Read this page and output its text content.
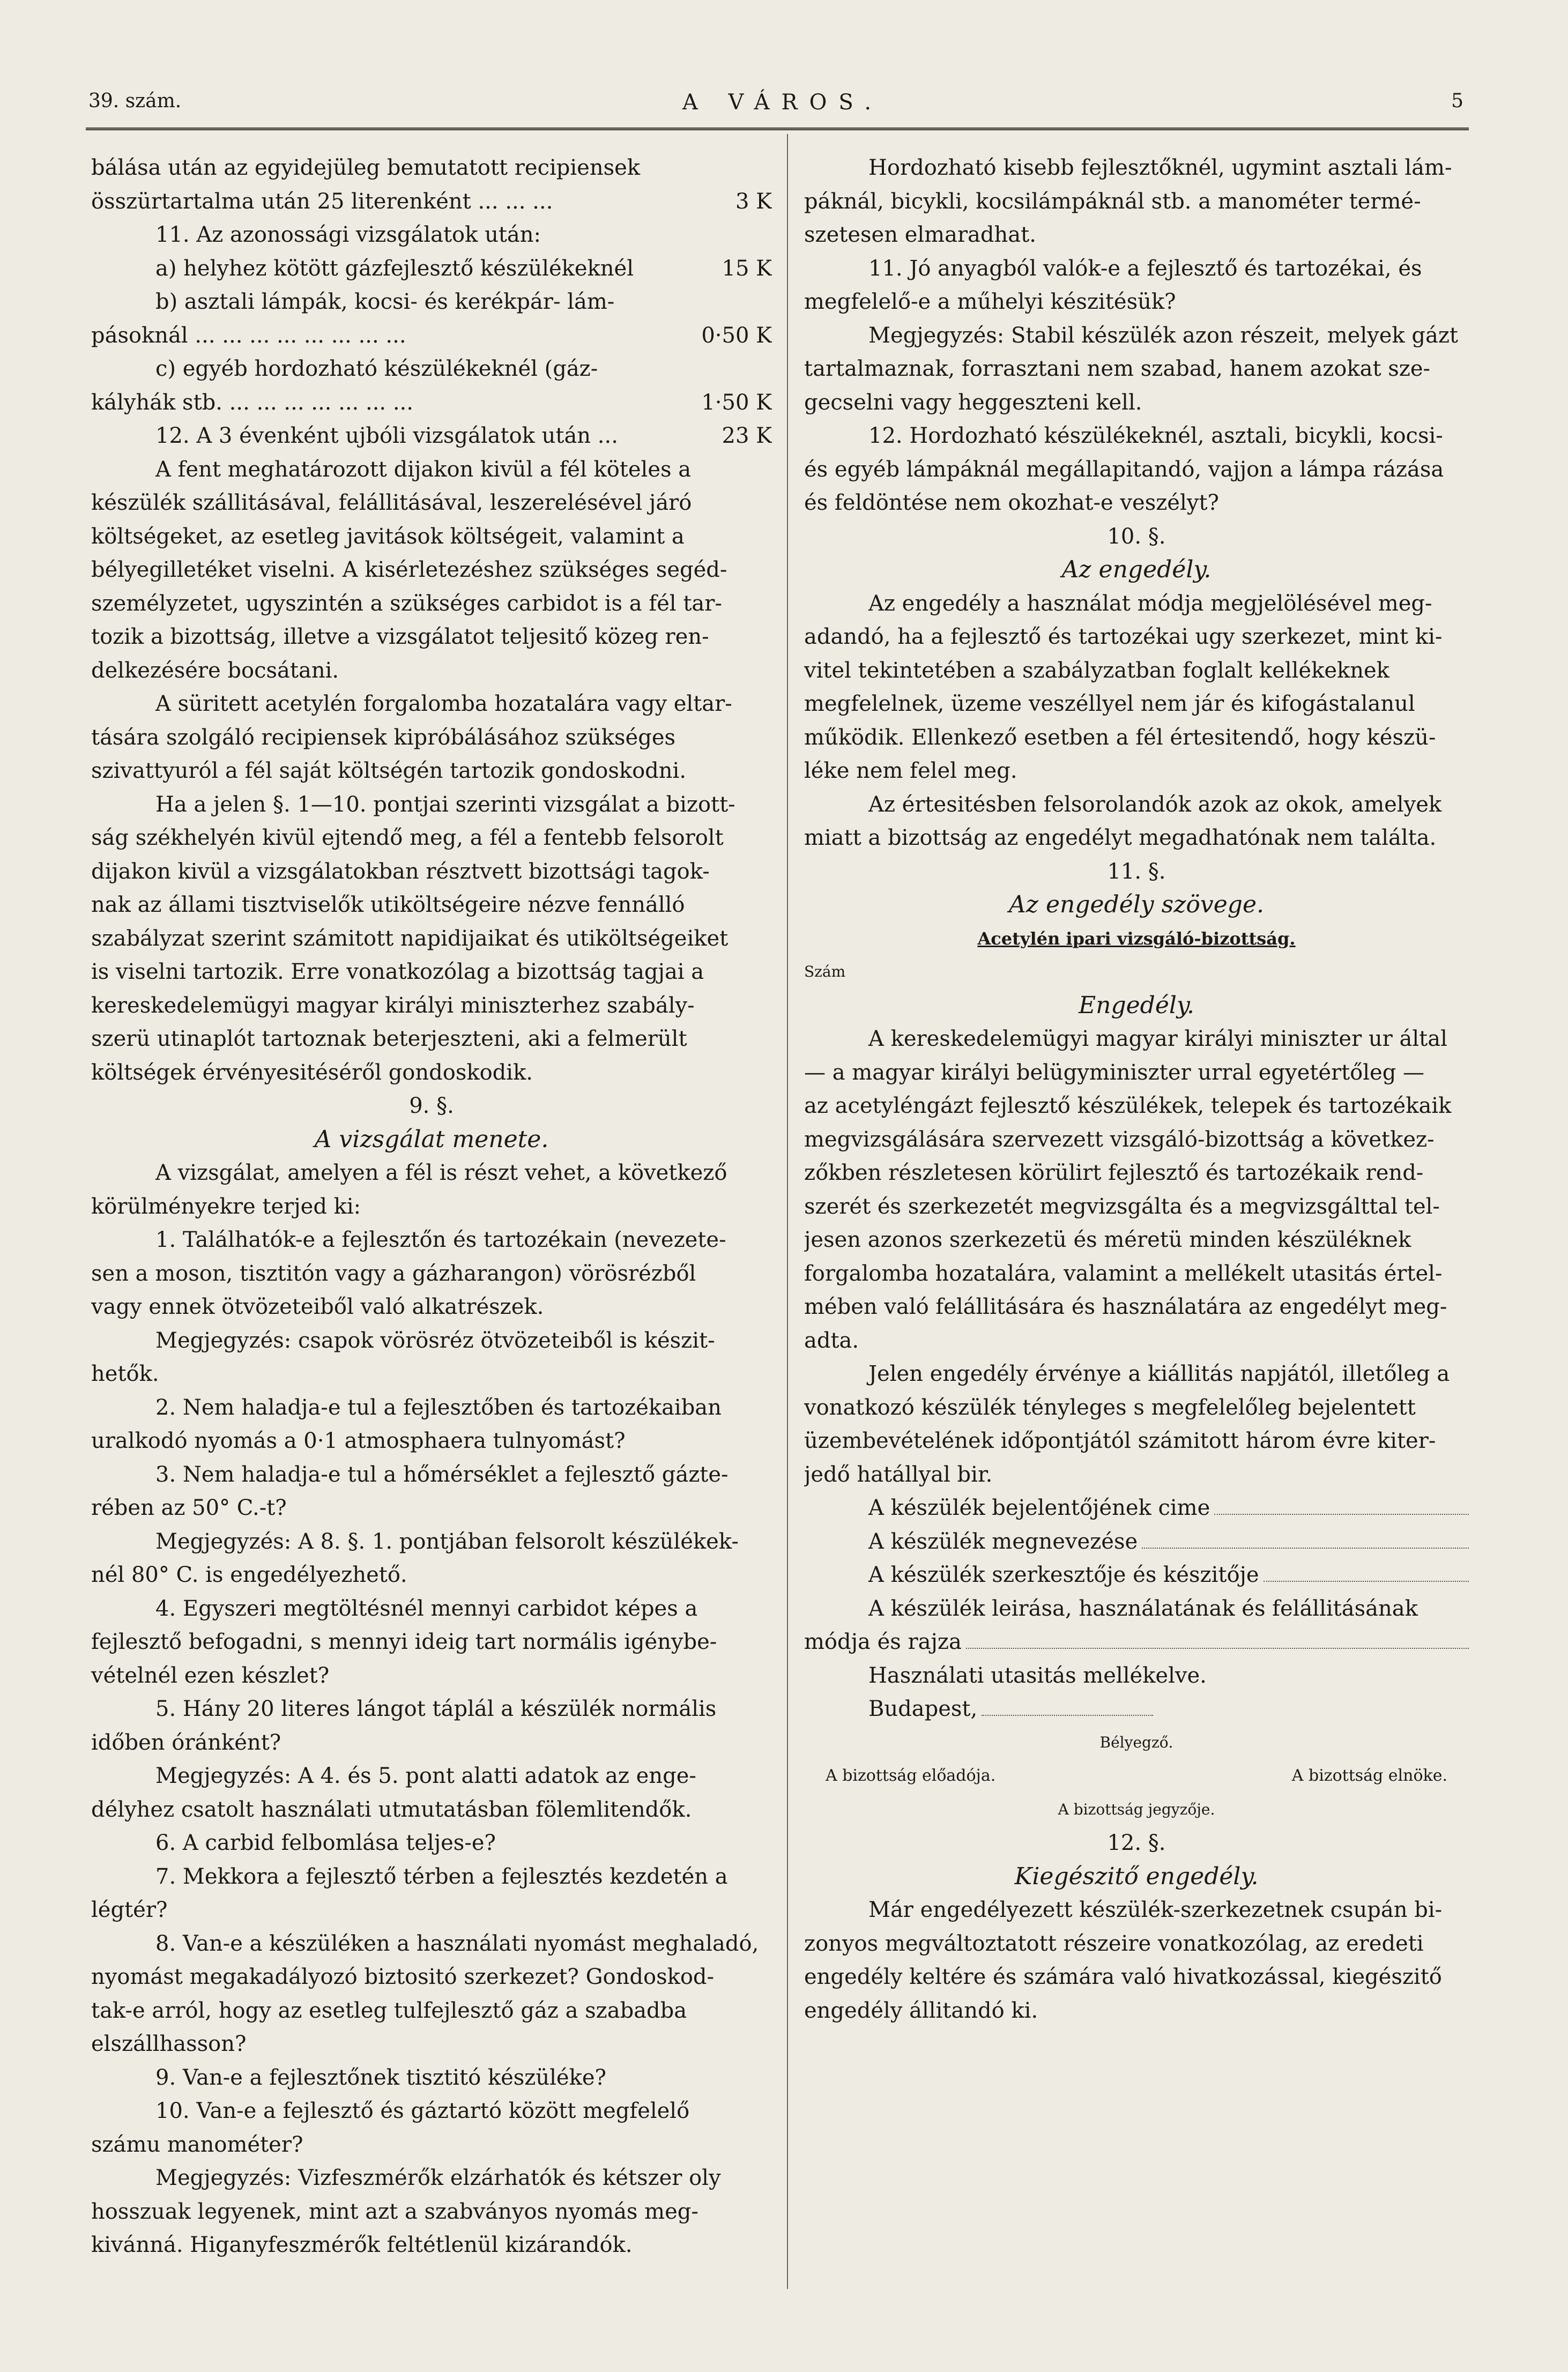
39. szám.	A VÁROS.	5
bálása után az egyidejüleg bemutatott recipiensek
összürtartalma után 25 literenként ... ... ...	3 K
11. Az azonossági vizsgálatok után:
a) helyhez kötött gázfejlesztő készülékeknél	15 K
b) asztali lámpák, kocsi- és kerékpár- lám-
pásoknál ... ... ... ... ... ... ... ...	0·50 K
c) egyéb hordozható készülékeknél (gáz-
kályhák stb. ... ... ... ... ... ... ...	1·50 K
12. A 3 évenként ujbóli vizsgálatok után ...	23 K
A fent meghatározott dijakon kivül a fél köteles a
készülék szállitásával, felállitásával, leszerelésével járó
költségeket, az esetleg javitások költségeit, valamint a
bélyegilletéket viselni. A kisérletezéshez szükséges segéd-
személyzetet, ugyszintén a szükséges carbidot is a fél tar-
tozik a bizottság, illetve a vizsgálatot teljesitő közeg ren-
delkezésére bocsátani.
A süritett acetylén forgalomba hozatalára vagy eltar-
tására szolgáló recipiensek kipróbálásához szükséges
szivattyuról a fél saját költségén tartozik gondoskodni.
Ha a jelen §. 1—10. pontjai szerinti vizsgálat a bizott-
ság székhelyén kivül ejtendő meg, a fél a fentebb felsorolt
dijakon kivül a vizsgálatokban résztvett bizottsági tagok-
nak az állami tisztviselők utiköltségeire nézve fennálló
szabályzat szerint számitott napidijaikat és utiköltségeiket
is viselni tartozik. Erre vonatkozólag a bizottság tagjai a
kereskedelemügyi magyar királyi miniszterhez szabály-
szerü utinaplót tartoznak beterjeszteni, aki a felmerült
költségek érvényesitéséről gondoskodik.
9. §.
A vizsgálat menete.
A vizsgálat, amelyen a fél is részt vehet, a következő
körülményekre terjed ki:
1. Találhatók-e a fejlesztőn és tartozékain (nevezete-
sen a moson, tisztitón vagy a gázharangon) vörösrézből
vagy ennek ötvözeteiből való alkatrészek.
Megjegyzés: csapok vörösréz ötvözeteiből is készit-
hetők.
2. Nem haladja-e tul a fejlesztőben és tartozékaiban
uralkodó nyomás a 0·1 atmosphaera tulnyomást?
3. Nem haladja-e tul a hőmérséklet a fejlesztő gázte-
rében az 50° C.-t?
Megjegyzés: A 8. §. 1. pontjában felsorolt készülékek-
nél 80° C. is engedélyezhető.
4. Egyszeri megtöltésnél mennyi carbidot képes a
fejlesztő befogadni, s mennyi ideig tart normális igénybe-
vételnél ezen készlet?
5. Hány 20 literes lángot táplál a készülék normális
időben óránként?
Megjegyzés: A 4. és 5. pont alatti adatok az enge-
délyhez csatolt használati utmutatásban fölemlitendők.
6. A carbid felbomlása teljes-e?
7. Mekkora a fejlesztő térben a fejlesztés kezdetén a
légtér?
8. Van-e a készüléken a használati nyomást meghaladó,
nyomást megakadályozó biztositó szerkezet? Gondoskod-
tak-e arról, hogy az esetleg tulfejlesztő gáz a szabadba
elszállhasson?
9. Van-e a fejlesztőnek tisztitó készüléke?
10. Van-e a fejlesztő és gáztartó között megfelelő
számu manométer?
Megjegyzés: Vizfeszmérők elzárhatók és kétszer oly
hosszuak legyenek, mint azt a szabványos nyomás meg-
kivánná. Higanyfeszmérők feltétlenül kizárandók.
Hordozható kisebb fejlesztőknél, ugymint asztali lám-
páknál, bicykli, kocsilámpáknál stb. a manométer termé-
szetesen elmaradhat.
11. Jó anyagból valók-e a fejlesztő és tartozékai, és
megfelelő-e a műhelyi készitésük?
Megjegyzés: Stabil készülék azon részeit, melyek gázt
tartalmaznak, forrasztani nem szabad, hanem azokat sze-
gecselni vagy heggeszteni kell.
12. Hordozható készülékeknél, asztali, bicykli, kocsi-
és egyéb lámpáknál megállapitandó, vajjon a lámpa rázása
és feldöntése nem okozhat-e veszélyt?
10. §.
Az engedély.
Az engedély a használat módja megjelölésével meg-
adandó, ha a fejlesztő és tartozékai ugy szerkezet, mint ki-
vitel tekintetében a szabályzatban foglalt kellékeknek
megfelelnek, üzeme veszéllyel nem jár és kifogástalanul
működik. Ellenkező esetben a fél értesitendő, hogy készü-
léke nem felel meg.
Az értesitésben felsorolandók azok az okok, amelyek
miatt a bizottság az engedélyt megadhatónak nem találta.
11. §.
Az engedély szövege.
Acetylén ipari vizsgáló-bizottság.
Szám
Engedély.
A kereskedelemügyi magyar királyi miniszter ur által
— a magyar királyi belügyminiszter urral egyetértőleg —
az acetyléngázt fejlesztő készülékek, telepek és tartozékaik
megvizsgálására szervezett vizsgáló-bizottság a következ-
zőkben részletesen körülirt fejlesztő és tartozékaik rend-
szerét és szerkezetét megvizsgálta és a megvizsgálttal tel-
jesen azonos szerkezetü és méretü minden készüléknek
forgalomba hozatalára, valamint a mellékelt utasitás értel-
mében való felállitására és használatára az engedélyt meg-
adta.
Jelen engedély érvénye a kiállitás napjától, illetőleg a
vonatkozó készülék tényleges s megfelelőleg bejelentett
üzembevételének időpontjától számitott három évre kiter-
jedő hatállyal bir.
A készülék bejelentőjének cime
A készülék megnevezése
A készülék szerkesztője és készitője
A készülék leirása, használatának és felállitásának
módja és rajza
Használati utasitás mellékelve.
Budapest,
Bélyegző.
A bizottság előadója.	A bizottság elnöke.
A bizottság jegyzője.
12. §.
Kiegészitő engedély.
Már engedélyezett készülék-szerkezetnek csupán bi-
zonyos megváltoztatott részeire vonatkozólag, az eredeti
engedély keltére és számára való hivatkozással, kiegészitő
engedély állitandó ki.
